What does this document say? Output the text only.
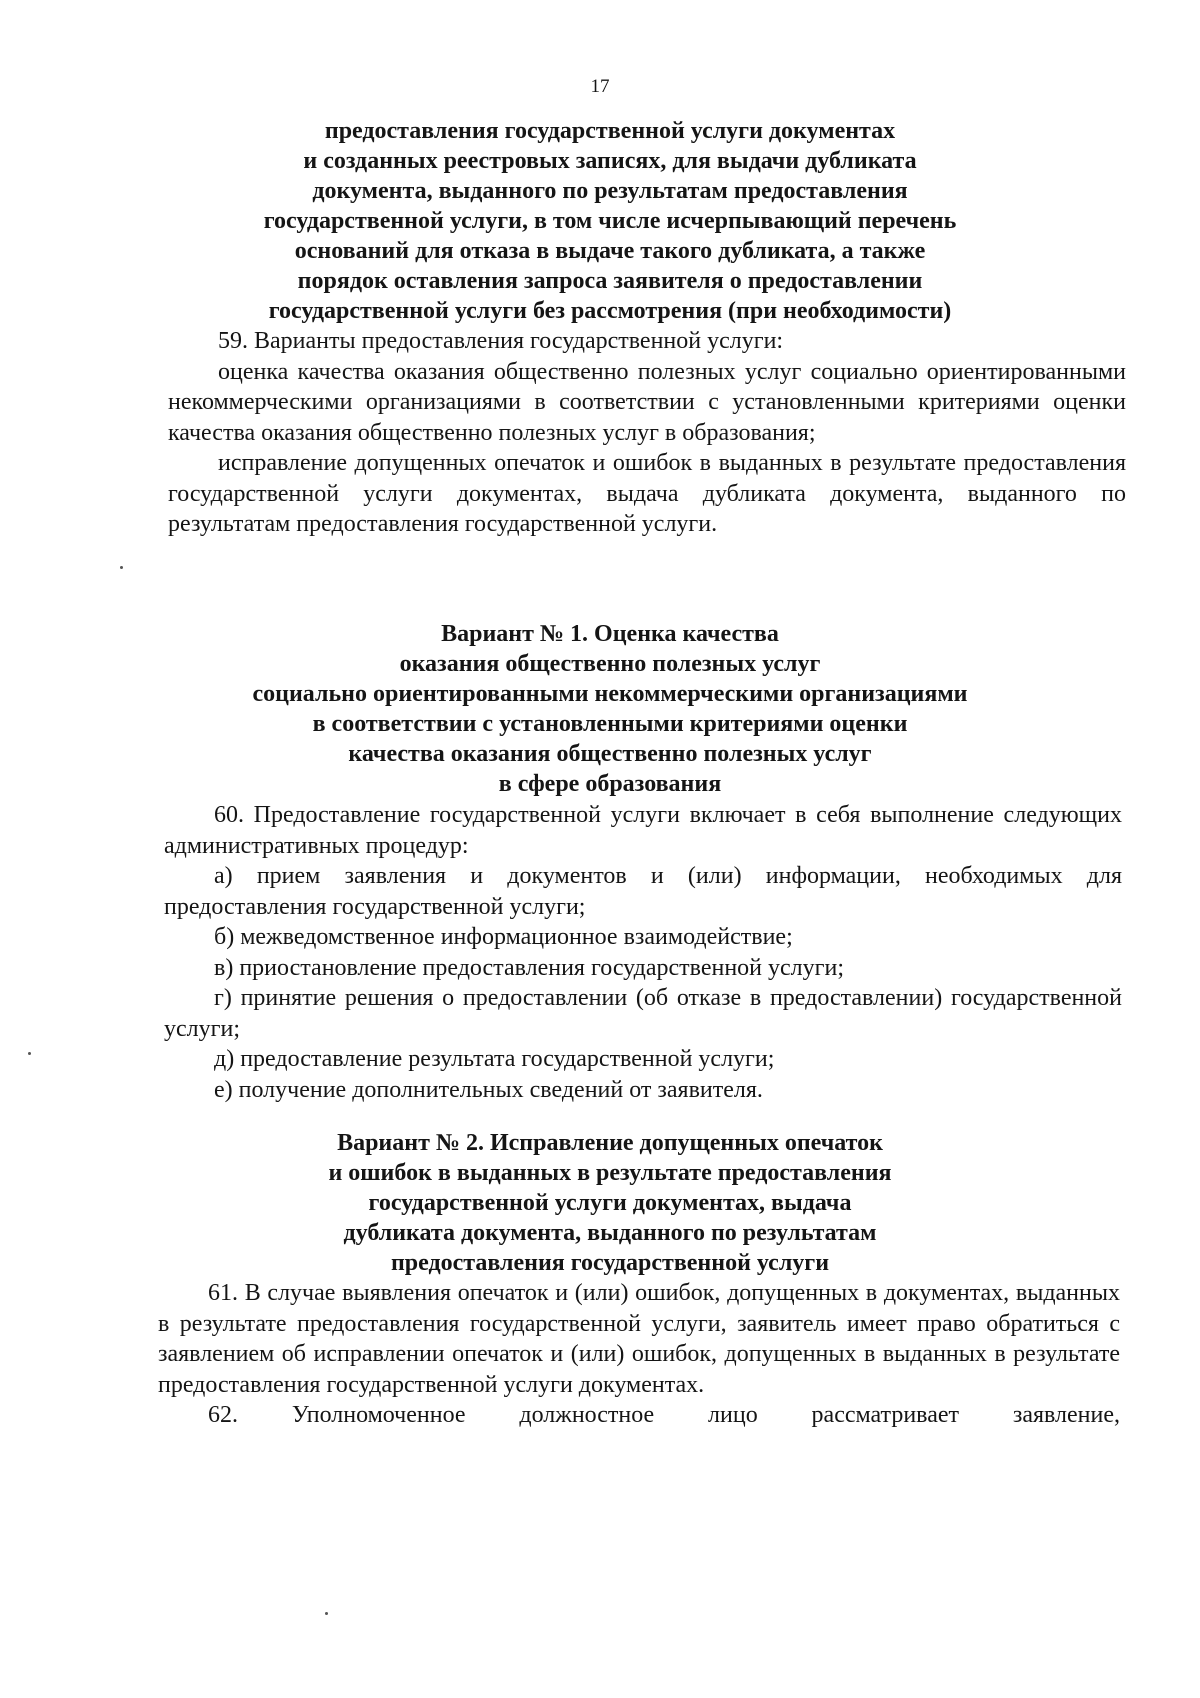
17
предоставления государственной услуги документах
и созданных реестровых записях, для выдачи дубликата
документа, выданного по результатам предоставления
государственной услуги, в том числе исчерпывающий перечень
оснований для отказа в выдаче такого дубликата, а также
порядок оставления запроса заявителя о предоставлении
государственной услуги без рассмотрения (при необходимости)

59. Варианты предоставления государственной услуги:

оценка качества оказания общественно полезных услуг социально ориентированными некоммерческими организациями в соответствии с установленными критериями оценки качества оказания общественно полезных услуг в образования;

исправление допущенных опечаток и ошибок в выданных в результате предоставления государственной услуги документах, выдача дубликата документа, выданного по результатам предоставления государственной услуги.

Вариант № 1. Оценка качества
оказания общественно полезных услуг
социально ориентированными некоммерческими организациями
в соответствии с установленными критериями оценки
качества оказания общественно полезных услуг
в сфере образования

60. Предоставление государственной услуги включает в себя выполнение следующих административных процедур:

а) прием заявления и документов и (или) информации, необходимых для предоставления государственной услуги;

б) межведомственное информационное взаимодействие;

в) приостановление предоставления государственной услуги;

г) принятие решения о предоставлении (об отказе в предоставлении) государственной услуги;

д) предоставление результата государственной услуги;

е) получение дополнительных сведений от заявителя.

Вариант № 2. Исправление допущенных опечаток
и ошибок в выданных в результате предоставления
государственной услуги документах, выдача
дубликата документа, выданного по результатам
предоставления государственной услуги

61. В случае выявления опечаток и (или) ошибок, допущенных в документах, выданных в результате предоставления государственной услуги, заявитель имеет право обратиться с заявлением об исправлении опечаток и (или) ошибок, допущенных в выданных в результате предоставления государственной услуги документах.

62. Уполномоченное должностное лицо рассматривает заявление,
